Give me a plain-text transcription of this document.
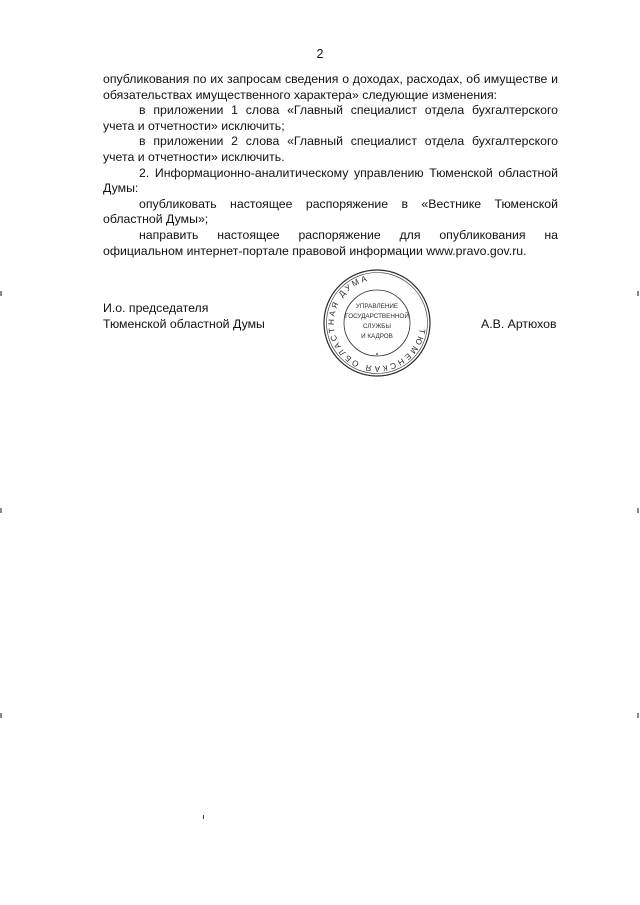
2

опубликования по их запросам сведения о доходах, расходах, об имуществе и обязательствах имущественного характера» следующие изменения:

в приложении 1 слова «Главный специалист отдела бухгалтерского учета и отчетности» исключить;

в приложении 2 слова «Главный специалист отдела бухгалтерского учета и отчетности» исключить.

2. Информационно-аналитическому управлению Тюменской областной Думы:

опубликовать настоящее распоряжение в «Вестнике Тюменской областной Думы»;

направить настоящее распоряжение для опубликования на официальном интернет-портале правовой информации www.pravo.gov.ru.

И.о. председателя
Тюменской областной Думы	А.В. Артюхов
ТЮМЕНСКАЯ ОБЛАСТНАЯ ДУМА
УПРАВЛЕНИЕ
ГОСУДАРСТВЕННОЙ
СЛУЖБЫ
И КАДРОВ
